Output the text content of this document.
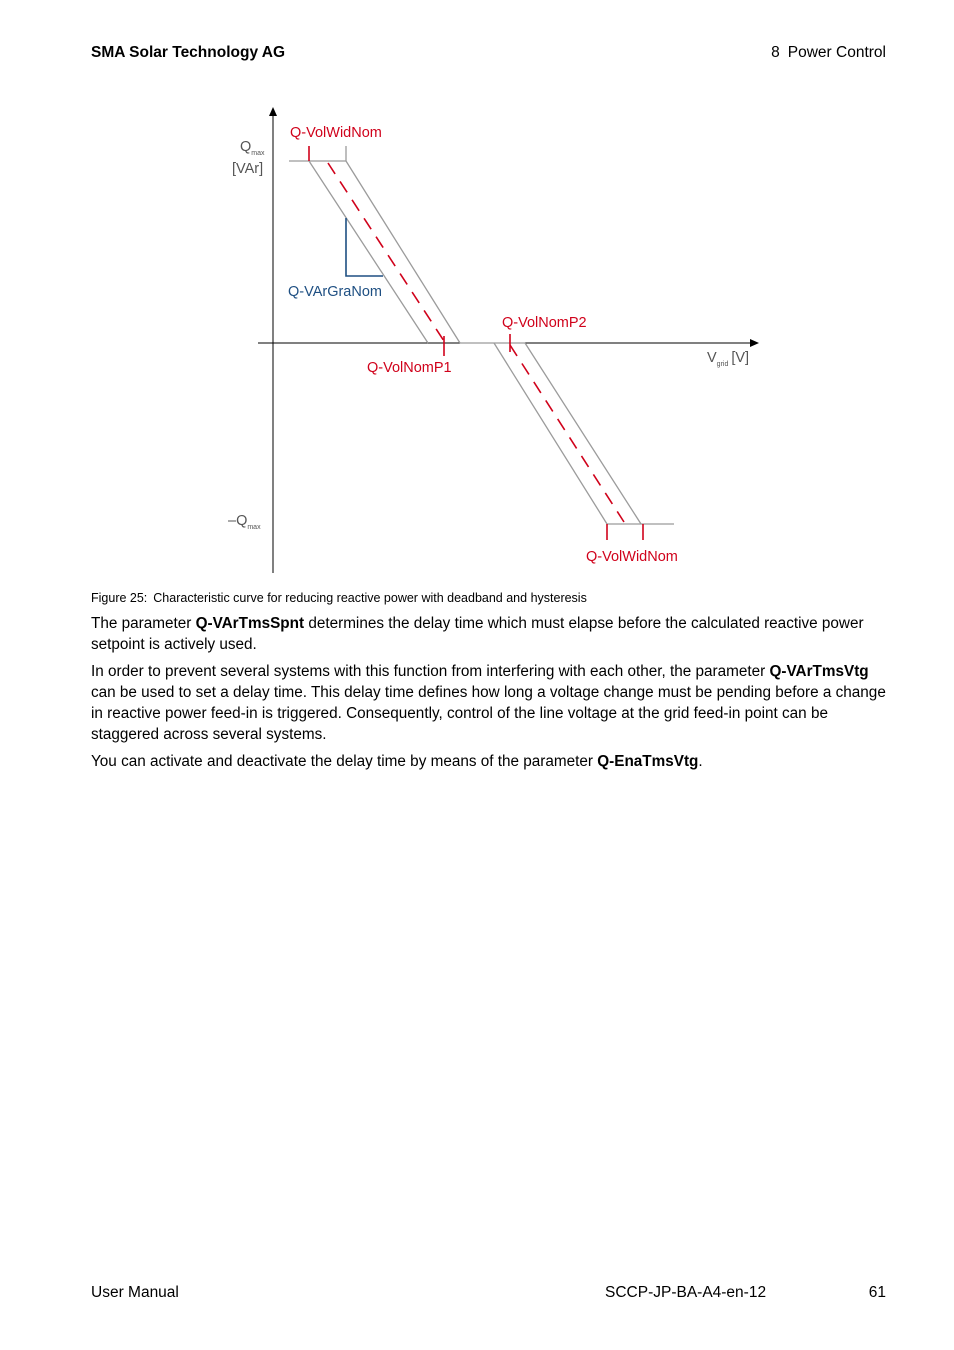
SMA Solar Technology AG	8 Power Control
$Q_{max}$
[VAr]
$-Q_{max}$
$V_{grid}$ [V]
Q-VolWidNom
Q-VArGraNom
Q-VolNomP2
Q-VolNomP1
Q-VolWidNom
Figure 25: Characteristic curve for reducing reactive power with deadband and hysteresis

The parameter Q-VArTmsSpnt determines the delay time which must elapse before the calculated reactive power setpoint is actively used.

In order to prevent several systems with this function from interfering with each other, the parameter Q-VArTmsVtg can be used to set a delay time. This delay time defines how long a voltage change must be pending before a change in reactive power feed-in is triggered. Consequently, control of the line voltage at the grid feed-in point can be staggered across several systems.

You can activate and deactivate the delay time by means of the parameter Q-EnaTmsVtg.

User Manual	SCCP-JP-BA-A4-en-12	61
